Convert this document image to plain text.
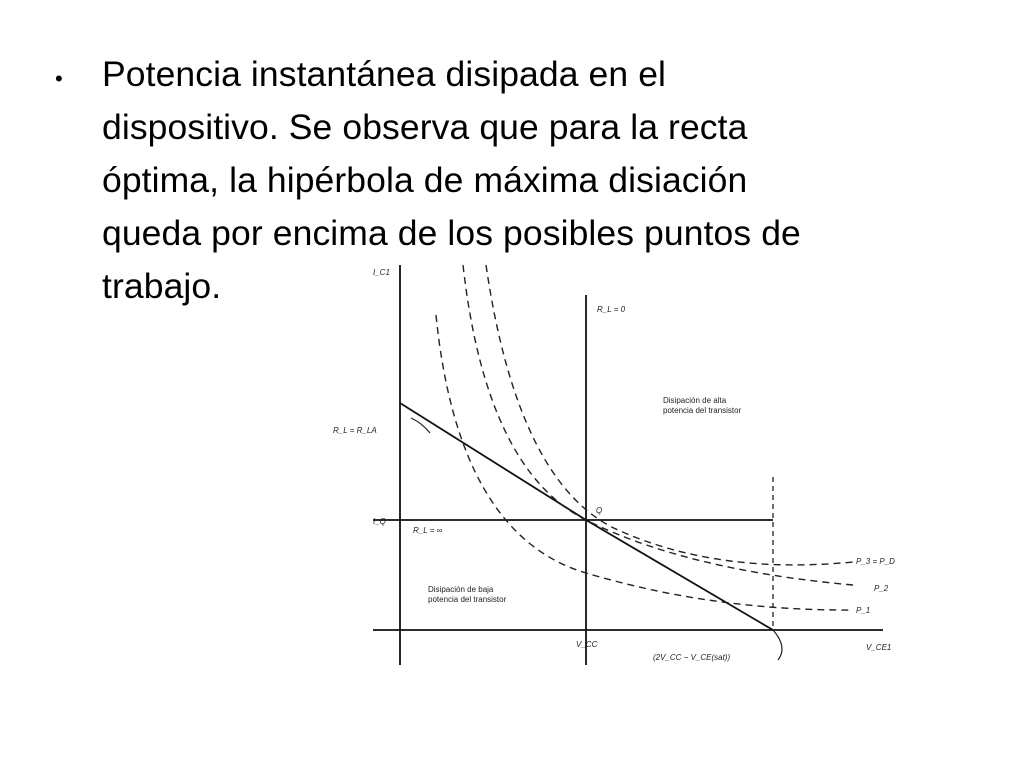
• Potencia instantánea disipada en el
dispositivo. Se observa que para la recta
óptima, la hipérbola de máxima disiación
queda por encima de los posibles puntos de
trabajo.	I_C1
V_CE1
V_CC
I_Q
Q
R_L = 0
R_L = R_LA
R_L = ∞
(2V_CC − V_CE(sat))
Disipación de alta
potencia del transistor
Disipación de baja
potencia del transistor
P_3 = P_D
P_2
P_1
